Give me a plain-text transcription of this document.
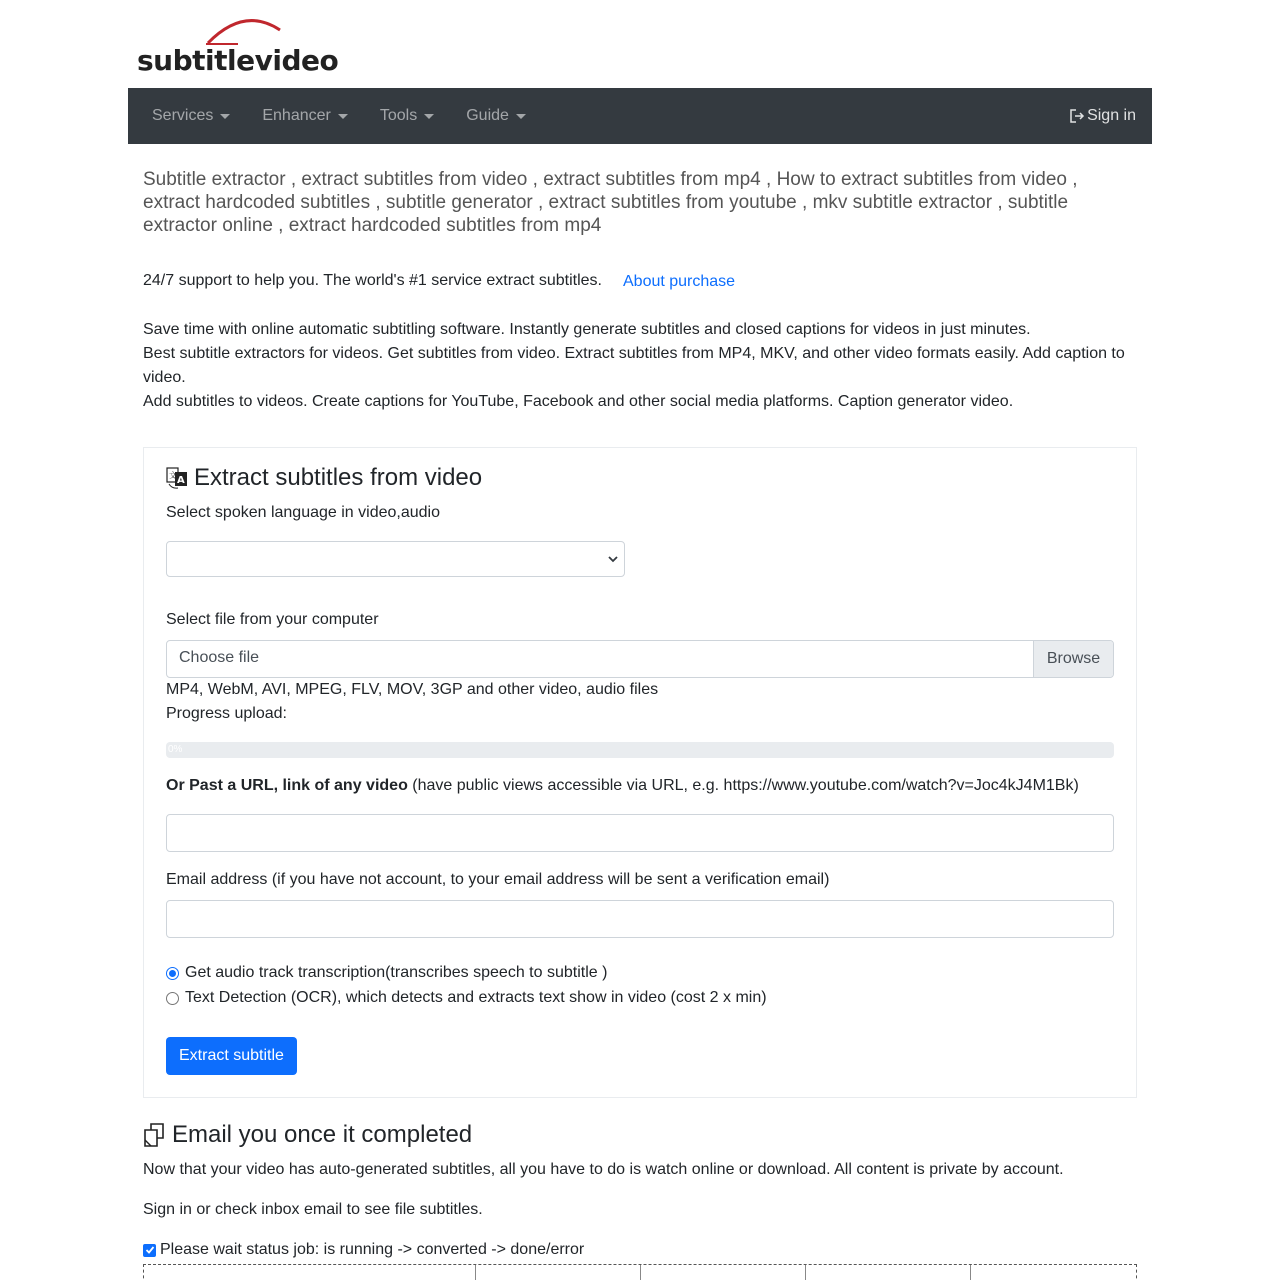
subtitlevideo
Services	Enhancer	Tools	Guide	Sign in
Subtitle extractor , extract subtitles from video , extract subtitles from mp4 , How to extract subtitles from video , extract hardcoded subtitles , subtitle generator , extract subtitles from youtube , mkv subtitle extractor , subtitle extractor online , extract hardcoded subtitles from mp4
24/7 support to help you. The world's #1 service extract subtitles. About purchase
Save time with online automatic subtitling software. Instantly generate subtitles and closed captions for videos in just minutes.
Best subtitle extractors for videos. Get subtitles from video. Extract subtitles from MP4, MKV, and other video formats easily. Add caption to video.
Add subtitles to videos. Create captions for YouTube, Facebook and other social media platforms. Caption generator video.
文 A Extract subtitles from video
Select spoken language in video,audio
Select file from your computer
Choose file	Browse
MP4, WebM, AVI, MPEG, FLV, MOV, 3GP and other video, audio files
Progress upload:
0%
Or Past a URL, link of any video (have public views accessible via URL, e.g. https://www.youtube.com/watch?v=Joc4kJ4M1Bk)
Email address (if you have not account, to your email address will be sent a verification email)
Get audio track transcription(transcribes speech to subtitle )
Text Detection (OCR), which detects and extracts text show in video (cost 2 x min)
Extract subtitle
Email you once it completed
Now that your video has auto-generated subtitles, all you have to do is watch online or download. All content is private by account.
Sign in or check inbox email to see file subtitles.
Please wait status job: is running -> converted -> done/error
